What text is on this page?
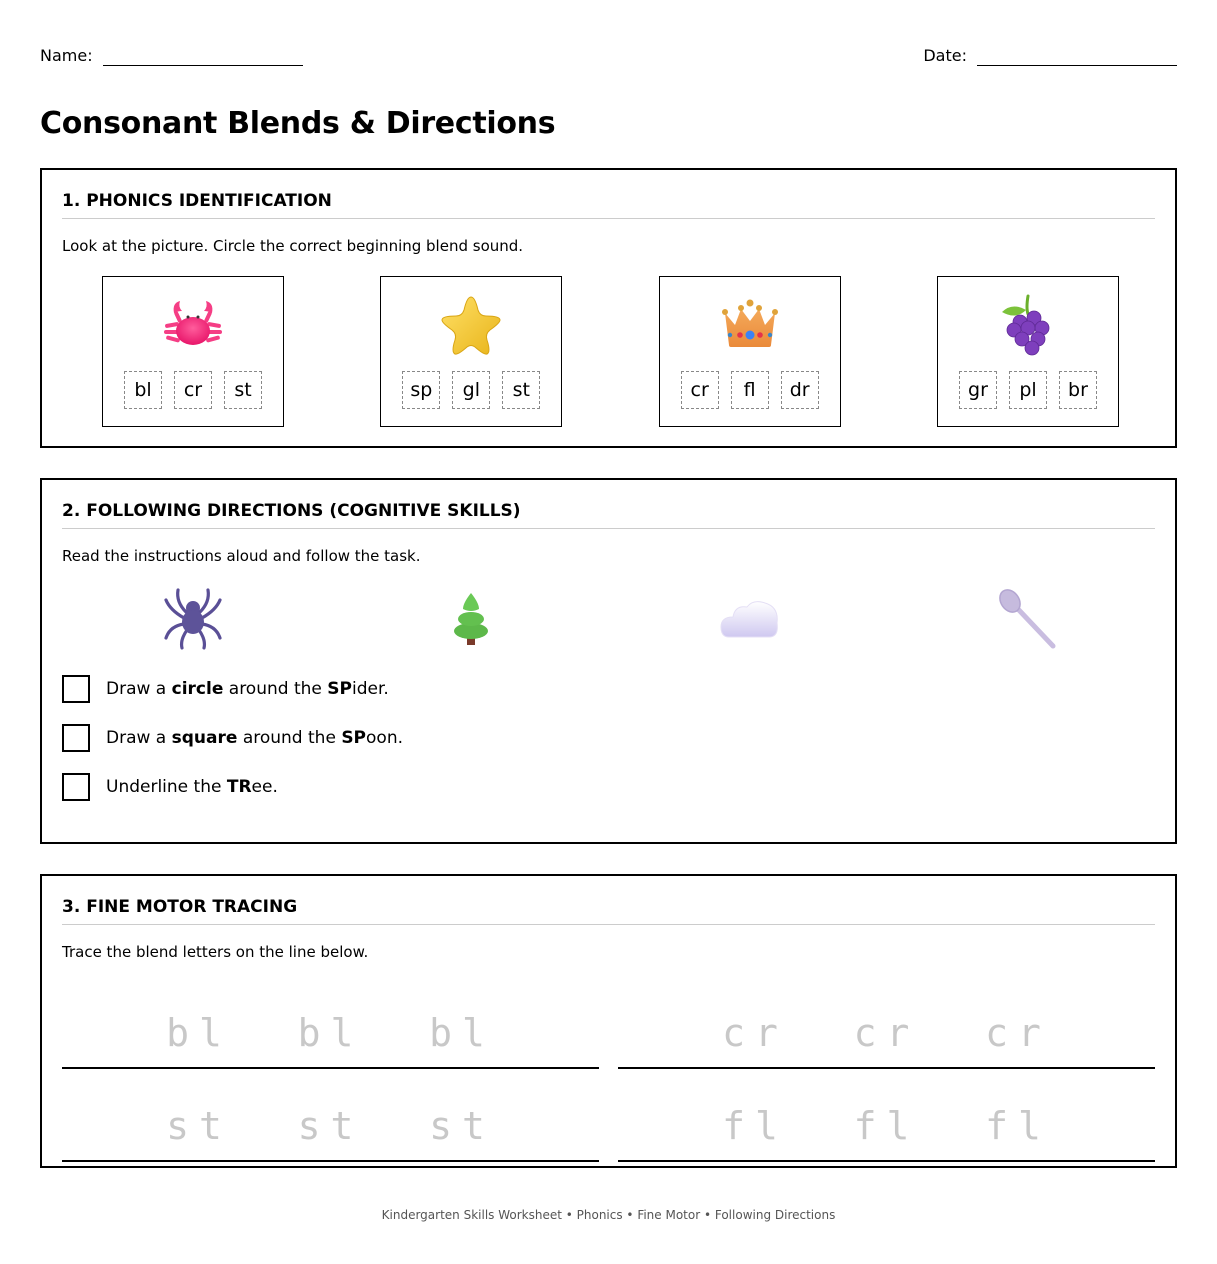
Name:	Date:
Consonant Blends & Directions
1. PHONICS IDENTIFICATION

Look at the picture. Circle the correct beginning blend sound.

bl	cr	st	sp	gl	st	cr	fl	dr	gr	pl	br
2. FOLLOWING DIRECTIONS (COGNITIVE SKILLS)

Read the instructions aloud and follow the task.

Draw a circle around the SPider.
Draw a square around the SPoon.
Underline the TRee.
3. FINE MOTOR TRACING

Trace the blend letters on the line below.

bl  bl  bl	cr  cr  cr
st  st  st	fl  fl  fl
Kindergarten Skills Worksheet • Phonics • Fine Motor • Following Directions
